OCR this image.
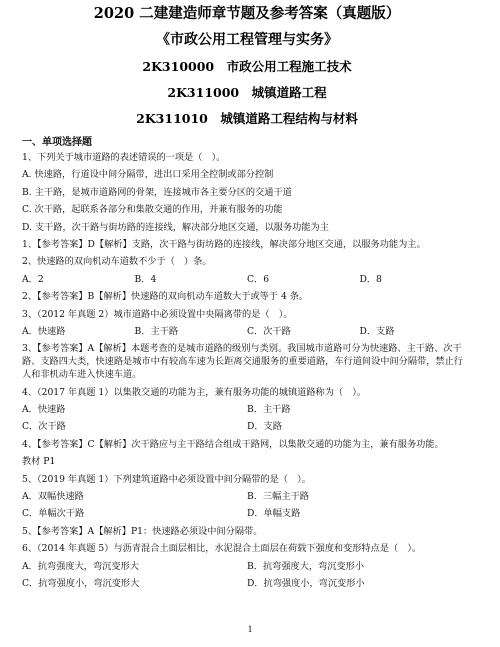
2020 二建建造师章节题及参考答案（真题版）
《市政公用工程管理与实务》
2K310000　市政公用工程施工技术
2K311000　城镇道路工程
2K311010　城镇道路工程结构与材料
一、单项选择题
1、下列关于城市道路的表述错误的一项是（　）。
A. 快速路，行道设中间分隔带，进出口采用全控制或部分控制
B. 主干路，是城市道路网的骨架，连接城市各主要分区的交通干道
C. 次干路，起联系各部分和集散交通的作用，并兼有服务的功能
D. 支干路，次干路与街坊路的连接线，解决部分地区交通，以服务功能为主
1、【参考答案】D【解析】支路，次干路与街坊路的连接线，解决部分地区交通，以服务功能为主。
2、快速路的双向机动车道数不少于（　）条。
A．2	B．4	C．6	D．8
2、【参考答案】B【解析】快速路的双向机动车道数大于或等于 4 条。
3、（2012 年真题 2）城市道路中必须设置中央隔离带的是（　）。
A．快速路	B．主干路	C．次干路	D．支路
3、【参考答案】A【解析】本题考查的是城市道路的级别与类别。我国城市道路可分为快速路、主干路、次干路、支路四大类，快速路是城市中有较高车速为长距离交通服务的重要道路，车行道间设中间分隔带，禁止行人和非机动车进入快速车道。
4、（2017 年真题 1）以集散交通的功能为主，兼有服务功能的城镇道路称为（　）。
A．快速路	B．主干路
C．次干路	D．支路
4、【参考答案】C【解析】次干路应与主干路结合组成干路网，以集散交通的功能为主，兼有服务功能。
教材 P1
5、（2019 年真题 1）下列建筑道路中必须设置中间分隔带的是（　）。
A．双幅快速路	B．三幅主干路
C．单幅次干路	D．单幅支路
5、【参考答案】A【解析】P1：快速路必须设中间分隔带。
6、（2014 年真题 5）与沥青混合土面层相比，水泥混合土面层在荷载下强度和变形特点是（　）。
A．抗弯强度大，弯沉变形大	B．抗弯强度大，弯沉变形小
C．抗弯强度小，弯沉变形大	D．抗弯强度小，弯沉变形小
1
